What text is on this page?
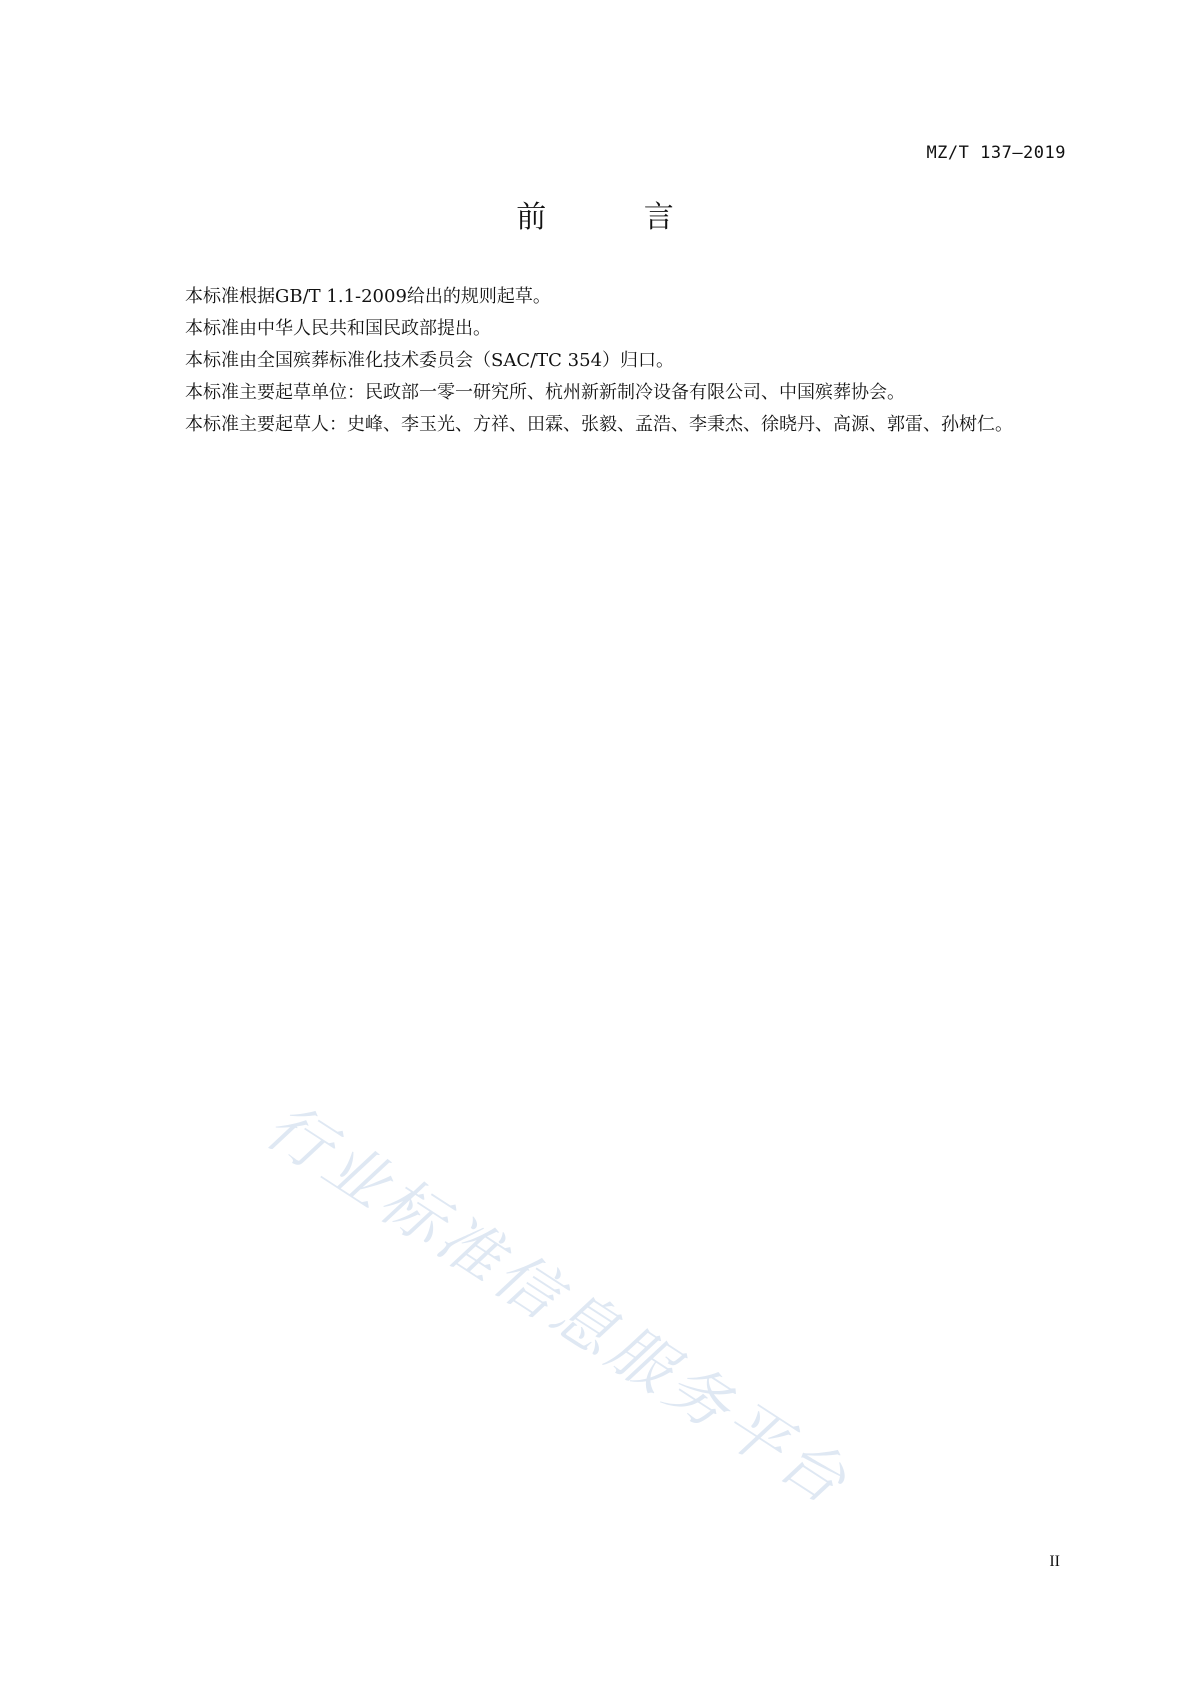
MZ/T 137—2019
前 言

本标准根据GB/T 1.1-2009给出的规则起草。

本标准由中华人民共和国民政部提出。

本标准由全国殡葬标准化技术委员会（SAC/TC 354）归口。

本标准主要起草单位：民政部一零一研究所、杭州新新制冷设备有限公司、中国殡葬协会。

本标准主要起草人：史峰、李玉光、方祥、田霖、张毅、孟浩、李秉杰、徐晓丹、高源、郭雷、孙树仁。

行业标准信息服务平台
II
